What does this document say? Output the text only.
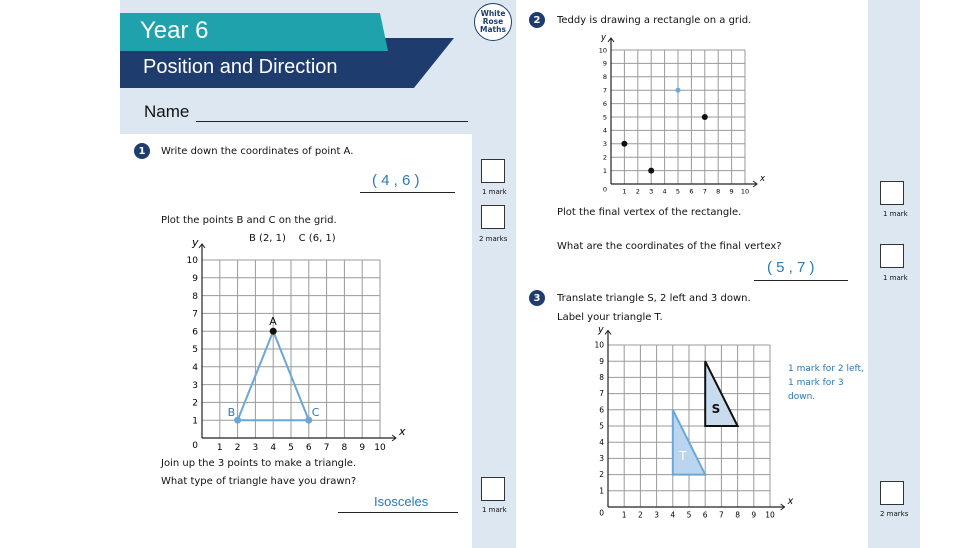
Year 6
Position and Direction
White
Rose
Maths
Name
1	Write down the coordinates of point A.
( 4 , 6 )
1 mark
Plot the points B and C on the grid.
B (2, 1)    C (6, 1)	2 marks
1
1
2
2
3
3
4
4
5
5
6
6
7
7
8
8
9
9
10
10
0
x
y
A
B	C
Join up the 3 points to make a triangle.
What type of triangle have you drawn?
Isosceles
1 mark
2	Teddy is drawing a rectangle on a grid.
1
1
2
2
3
3
4
4
5
5
6
6
7
7
8
8
9
9
10
10
0
x
y
Plot the final vertex of the rectangle.	1 mark
What are the coordinates of the final vertex?
( 5 , 7 )
1 mark
3	Translate triangle S, 2 left and 3 down.
Label your triangle T.
1
1
2
2
3
3
4
4
5
5
6
6
7
7
8
8
9
9
10
10
0
x
y
S
T
1 mark for 2 left,
1 mark for 3
down.
2 marks
